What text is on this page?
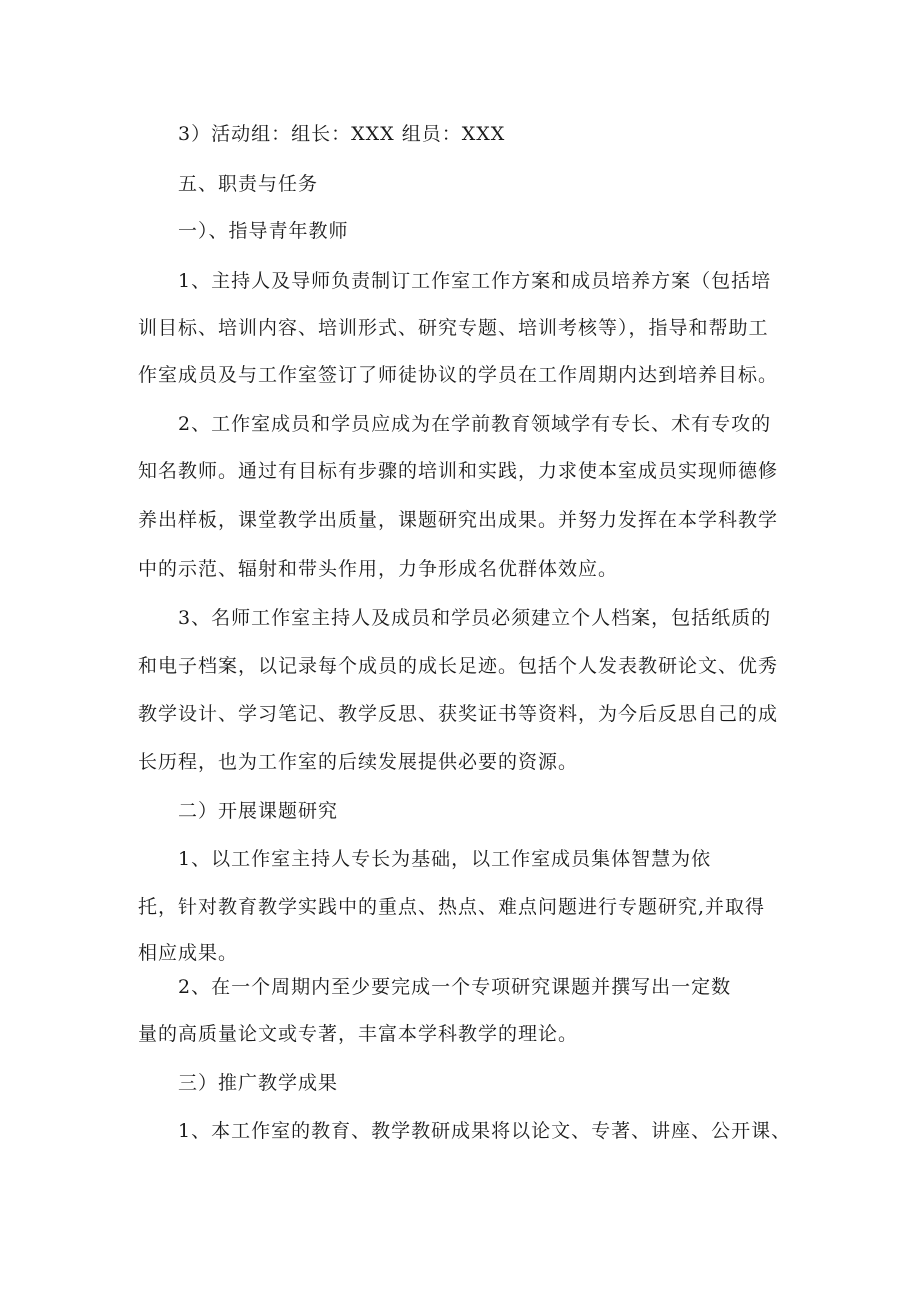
3）活动组：组长：XXX 组员：XXX
五、职责与任务
一）、指导青年教师
1、主持人及导师负责制订工作室工作方案和成员培养方案（包括培
训目标、培训内容、培训形式、研究专题、培训考核等），指导和帮助工
作室成员及与工作室签订了师徒协议的学员在工作周期内达到培养目标。
2、工作室成员和学员应成为在学前教育领域学有专长、术有专攻的
知名教师。通过有目标有步骤的培训和实践，力求使本室成员实现师德修
养出样板，课堂教学出质量，课题研究出成果。并努力发挥在本学科教学
中的示范、辐射和带头作用，力争形成名优群体效应。
3、名师工作室主持人及成员和学员必须建立个人档案，包括纸质的
和电子档案，以记录每个成员的成长足迹。包括个人发表教研论文、优秀
教学设计、学习笔记、教学反思、获奖证书等资料，为今后反思自己的成
长历程，也为工作室的后续发展提供必要的资源。
二）开展课题研究
1、以工作室主持人专长为基础，以工作室成员集体智慧为依
托，针对教育教学实践中的重点、热点、难点问题进行专题研究,并取得
相应成果。
2、在一个周期内至少要完成一个专项研究课题并撰写出一定数
量的高质量论文或专著，丰富本学科教学的理论。
三）推广教学成果
1、本工作室的教育、教学教研成果将以论文、专著、讲座、公开课、
